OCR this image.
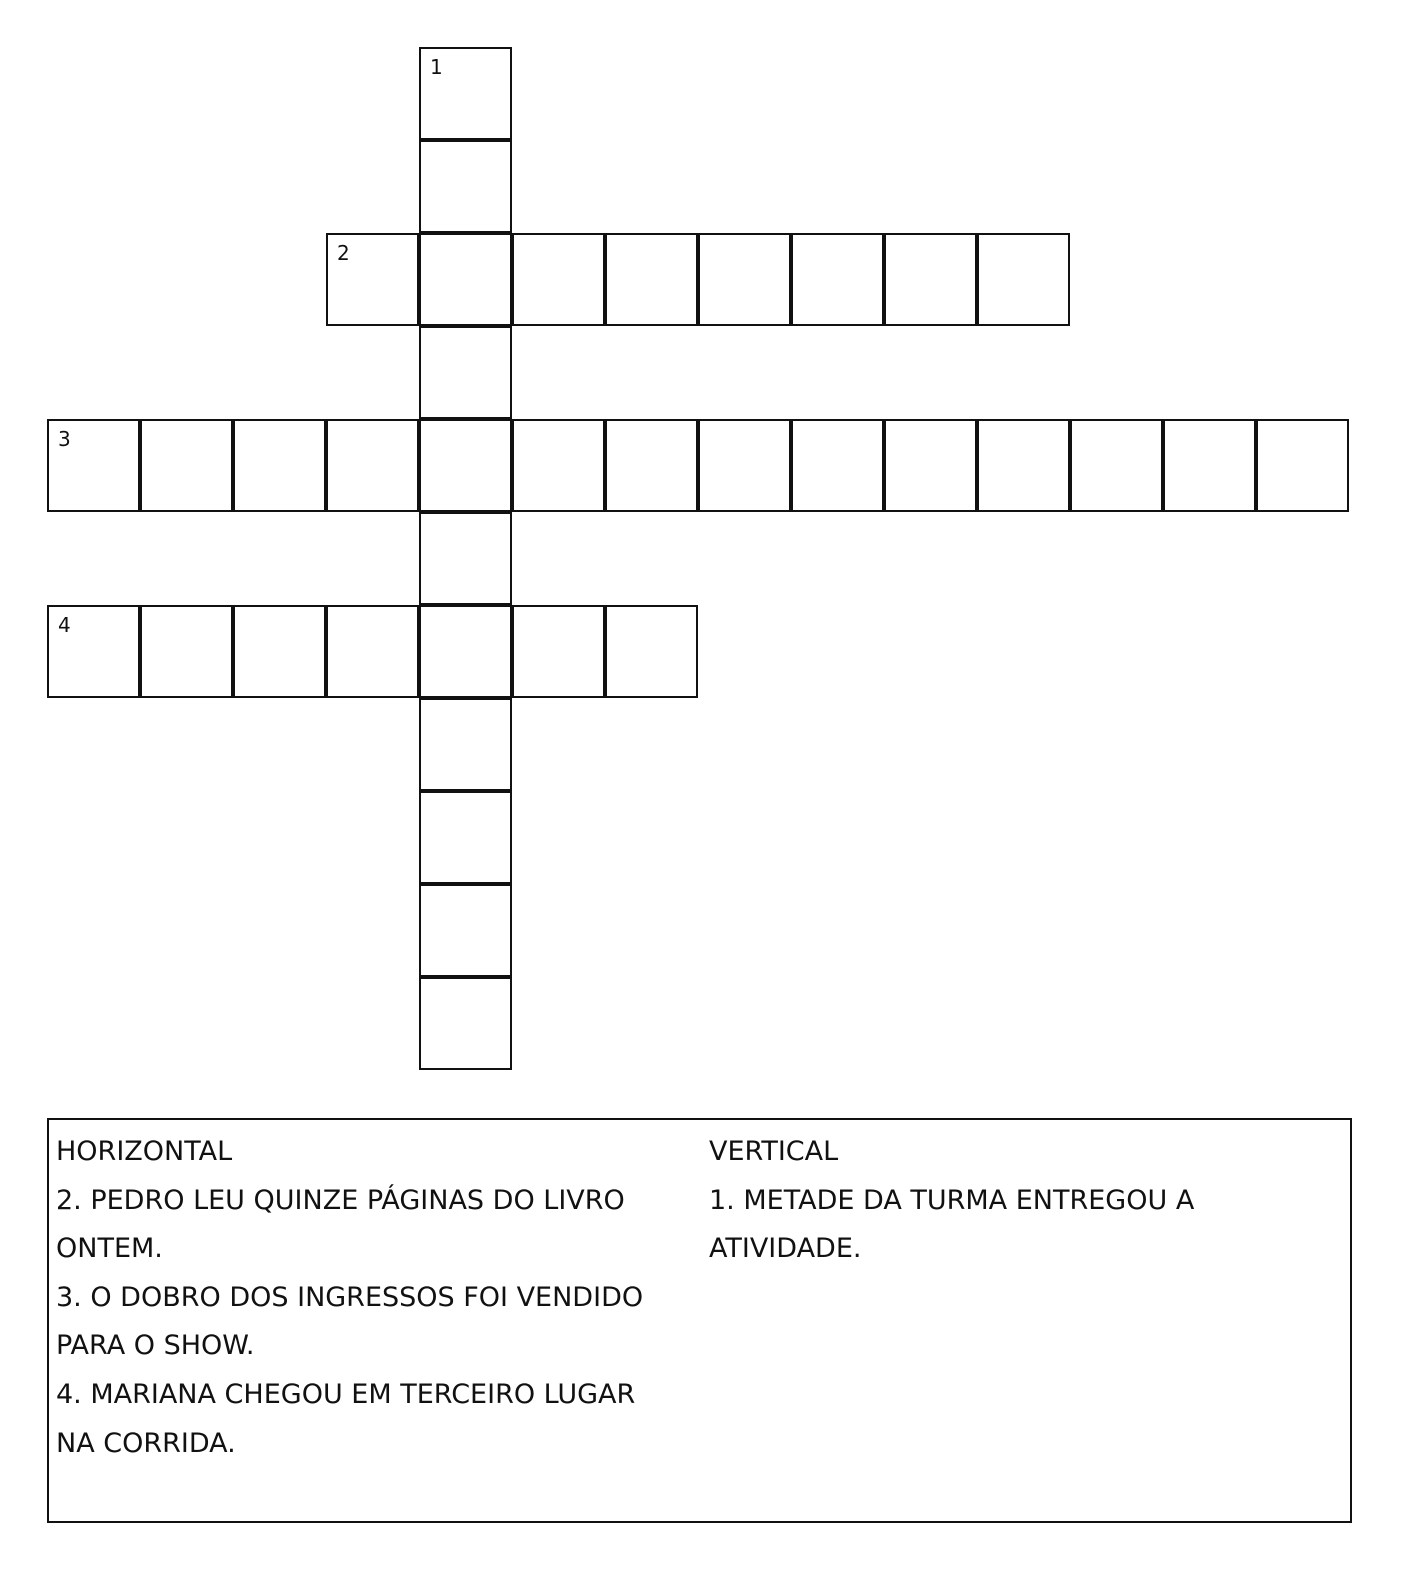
1
2
3
4
HORIZONTAL
2. PEDRO LEU QUINZE PÁGINAS DO LIVRO ONTEM.
3. O DOBRO DOS INGRESSOS FOI VENDIDO PARA O SHOW.
4. MARIANA CHEGOU EM TERCEIRO LUGAR NA CORRIDA.
VERTICAL
1. METADE DA TURMA ENTREGOU A ATIVIDADE.
